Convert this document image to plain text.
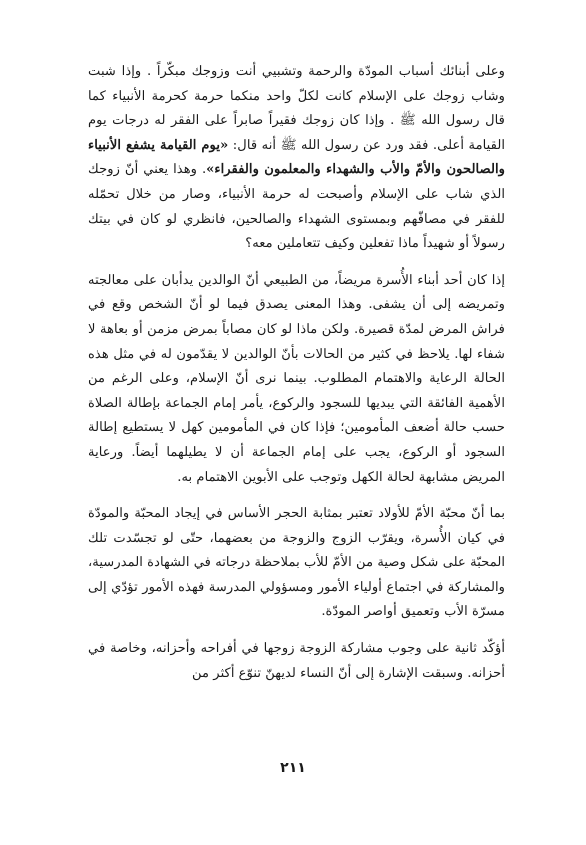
وعلى أبنائك أسباب المودّة والرحمة وتشبيي أنت وزوجك مبكّراً . وإذا شبت وشاب زوجك على الإسلام كانت لكلّ واحد منكما حرمة كحرمة الأنبياء كما قال رسول الله ﷺ . وإذا كان زوجك فقيراً صابراً على الفقر له درجات يوم القيامة أعلى. فقد ورد عن رسول الله ﷺ أنه قال: «يوم القيامة يشفع الأنبياء والصالحون والأمّ والأب والشهداء والمعلمون والفقراء». وهذا يعني أنّ زوجك الذي شاب على الإسلام وأصبحت له حرمة الأنبياء، وصار من خلال تحمّله للفقر في مصافّهم وبمستوى الشهداء والصالحين، فانظري لو كان في بيتك رسولاً أو شهيداً ماذا تفعلين وكيف تتعاملين معه؟

إذا كان أحد أبناء الأُسرة مريضاً، من الطبيعي أنّ الوالدين يدأبان على معالجته وتمريضه إلى أن يشفى. وهذا المعنى يصدق فيما لو أنّ الشخص وقع في فراش المرض لمدّة قصيرة. ولكن ماذا لو كان مصاباً بمرض مزمن أو بعاهة لا شفاء لها. يلاحظ في كثير من الحالات بأنّ الوالدين لا يقدّمون له في مثل هذه الحالة الرعاية والاهتمام المطلوب. بينما نرى أنّ الإسلام، وعلى الرغم من الأهمية الفائقة التي يبديها للسجود والركوع، يأمر إمام الجماعة بإطالة الصلاة حسب حالة أضعف المأمومين؛ فإذا كان في المأمومين كهل لا يستطيع إطالة السجود أو الركوع، يجب على إمام الجماعة أن لا يطيلهما أيضاً. ورعاية المريض مشابهة لحالة الكهل وتوجب على الأبوين الاهتمام به.

بما أنّ محبّة الأمّ للأولاد تعتبر بمثابة الحجر الأساس في إيجاد المحبّة والمودّة في كيان الأُسرة، ويقرّب الزوج والزوجة من بعضهما، حتّى لو تجسّدت تلك المحبّة على شكل وصية من الأمّ للأب بملاحظة درجاته في الشهادة المدرسية، والمشاركة في اجتماع أولياء الأمور ومسؤولي المدرسة فهذه الأمور تؤدّي إلى مسرّة الأب وتعميق أواصر المودّة.

أؤكّد ثانية على وجوب مشاركة الزوجة زوجها في أفراحه وأحزانه، وخاصة في أحزانه. وسبقت الإشارة إلى أنّ النساء لديهنّ تنوّع أكثر من

٢١١
